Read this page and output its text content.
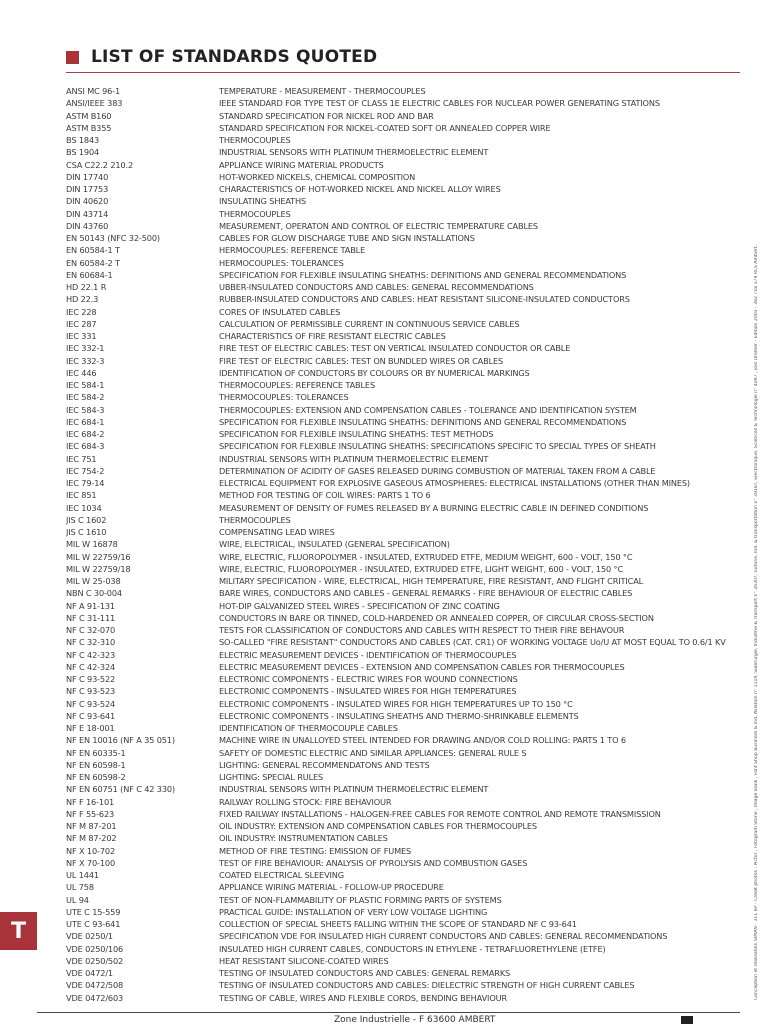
LIST OF STANDARDS QUOTED
ANSI MC 96-1	TEMPERATURE - MEASUREMENT - THERMOCOUPLES
ANSI/IEEE 383	IEEE STANDARD FOR TYPE TEST OF CLASS 1E ELECTRIC CABLES FOR NUCLEAR POWER GENERATING STATIONS
ASTM B160	STANDARD SPECIFICATION FOR NICKEL ROD AND BAR
ASTM B355	STANDARD SPECIFICATION FOR NICKEL-COATED SOFT OR ANNEALED COPPER WIRE
BS 1843	THERMOCOUPLES
BS 1904	INDUSTRIAL SENSORS WITH PLATINUM THERMOELECTRIC ELEMENT
CSA C22.2 210.2	APPLIANCE WIRING MATERIAL PRODUCTS
DIN 17740	HOT-WORKED NICKELS, CHEMICAL COMPOSITION
DIN 17753	CHARACTERISTICS OF HOT-WORKED NICKEL AND NICKEL ALLOY WIRES
DIN 40620	INSULATING SHEATHS
DIN 43714	THERMOCOUPLES
DIN 43760	MEASUREMENT, OPERATON AND CONTROL OF ELECTRIC TEMPERATURE CABLES
EN 50143 (NFC 32-500)	CABLES FOR GLOW DISCHARGE TUBE AND SIGN INSTALLATIONS
EN 60584-1 T	HERMOCOUPLES: REFERENCE TABLE
EN 60584-2 T	HERMOCOUPLES: TOLERANCES
EN 60684-1	SPECIFICATION FOR FLEXIBLE INSULATING SHEATHS: DEFINITIONS AND GENERAL RECOMMENDATIONS
HD 22.1 R	UBBER-INSULATED CONDUCTORS AND CABLES: GENERAL RECOMMENDATIONS
HD 22.3	RUBBER-INSULATED CONDUCTORS AND CABLES: HEAT RESISTANT SILICONE-INSULATED CONDUCTORS
IEC 228	CORES OF INSULATED CABLES
IEC 287	CALCULATION OF PERMISSIBLE CURRENT IN CONTINUOUS SERVICE CABLES
IEC 331	CHARACTERISTICS OF FIRE RESISTANT ELECTRIC CABLES
IEC 332-1	FIRE TEST OF ELECTRIC CABLES: TEST ON VERTICAL INSULATED CONDUCTOR OR CABLE
IEC 332-3	FIRE TEST OF ELECTRIC CABLES: TEST ON BUNDLED WIRES OR CABLES
IEC 446	IDENTIFICATION OF CONDUCTORS BY COLOURS OR BY NUMERICAL MARKINGS
IEC 584-1	THERMOCOUPLES: REFERENCE TABLES
IEC 584-2	THERMOCOUPLES: TOLERANCES
IEC 584-3	THERMOCOUPLES: EXTENSION AND COMPENSATION CABLES - TOLERANCE AND IDENTIFICATION SYSTEM
IEC 684-1	SPECIFICATION FOR FLEXIBLE INSULATING SHEATHS: DEFINITIONS AND GENERAL RECOMMENDATIONS
IEC 684-2	SPECIFICATION FOR FLEXIBLE INSULATING SHEATHS: TEST METHODS
IEC 684-3	SPECIFICATION FOR FLEXIBLE INSULATING SHEATHS: SPECIFICATIONS SPECIFIC TO SPECIAL TYPES OF SHEATH
IEC 751	INDUSTRIAL SENSORS WITH PLATINUM THERMOELECTRIC ELEMENT
IEC 754-2	DETERMINATION OF ACIDITY OF GASES RELEASED DURING COMBUSTION OF MATERIAL TAKEN FROM A CABLE
IEC 79-14	ELECTRICAL EQUIPMENT FOR EXPLOSIVE GASEOUS ATMOSPHERES: ELECTRICAL INSTALLATIONS (OTHER THAN MINES)
IEC 851	METHOD FOR TESTING OF COIL WIRES: PARTS 1 TO 6
IEC 1034	MEASUREMENT OF DENSITY OF FUMES RELEASED BY A BURNING ELECTRIC CABLE IN DEFINED CONDITIONS
JIS C 1602	THERMOCOUPLES
JIS C 1610	COMPENSATING LEAD WIRES
MIL W 16878	WIRE, ELECTRICAL, INSULATED (GENERAL SPECIFICATION)
MIL W 22759/16	WIRE, ELECTRIC, FLUOROPOLYMER - INSULATED, EXTRUDED ETFE, MEDIUM WEIGHT, 600 - VOLT, 150 °C
MIL W 22759/18	WIRE, ELECTRIC, FLUOROPOLYMER - INSULATED, EXTRUDED ETFE, LIGHT WEIGHT, 600 - VOLT, 150 °C
MIL W 25-038	MILITARY SPECIFICATION - WIRE, ELECTRICAL, HIGH TEMPERATURE, FIRE RESISTANT, AND FLIGHT CRITICAL
NBN C 30-004	BARE WIRES, CONDUCTORS AND CABLES - GENERAL REMARKS - FIRE BEHAVIOUR OF ELECTRIC CABLES
NF A 91-131	HOT-DIP GALVANIZED STEEL WIRES - SPECIFICATION OF ZINC COATING
NF C 31-111	CONDUCTORS IN BARE OR TINNED, COLD-HARDENED OR ANNEALED COPPER, OF CIRCULAR CROSS-SECTION
NF C 32-070	TESTS FOR CLASSIFICATION OF CONDUCTORS AND CABLES WITH RESPECT TO THEIR FIRE BEHAVOUR
NF C 32-310	SO-CALLED "FIRE RESISTANT" CONDUCTORS AND CABLES (CAT. CR1) OF WORKING VOLTAGE Uo/U AT MOST EQUAL TO 0.6/1 KV
NF C 42-323	ELECTRIC MEASUREMENT DEVICES - IDENTIFICATION OF THERMOCOUPLES
NF C 42-324	ELECTRIC MEASUREMENT DEVICES - EXTENSION AND COMPENSATION CABLES FOR THERMOCOUPLES
NF C 93-522	ELECTRONIC COMPONENTS - ELECTRIC WIRES FOR WOUND CONNECTIONS
NF C 93-523	ELECTRONIC COMPONENTS - INSULATED WIRES FOR HIGH TEMPERATURES
NF C 93-524	ELECTRONIC COMPONENTS - INSULATED WIRES FOR HIGH TEMPERATURES UP TO 150 °C
NF C 93-641	ELECTRONIC COMPONENTS - INSULATING SHEATHS AND THERMO-SHRINKABLE ELEMENTS
NF E 18-001	IDENTIFICATION OF THERMOCOUPLE CABLES
NF EN 10016 (NF A 35 051)	MACHINE WIRE IN UNALLOYED STEEL INTENDED FOR DRAWING AND/OR COLD ROLLING: PARTS 1 TO 6
NF EN 60335-1	SAFETY OF DOMESTIC ELECTRIC AND SIMILAR APPLIANCES: GENERAL RULE S
NF EN 60598-1	LIGHTING: GENERAL RECOMMENDATONS AND TESTS
NF EN 60598-2	LIGHTING: SPECIAL RULES
NF EN 60751 (NF C 42 330)	INDUSTRIAL SENSORS WITH PLATINUM THERMOELECTRIC ELEMENT
NF F 16-101	RAILWAY ROLLING STOCK: FIRE BEHAVIOUR
NF F 55-623	FIXED RAILWAY INSTALLATIONS - HALOGEN-FREE CABLES FOR REMOTE CONTROL AND REMOTE TRANSMISSION
NF M 87-201	OIL INDUSTRY: EXTENSION AND COMPENSATION CABLES FOR THERMOCOUPLES
NF M 87-202	OIL INDUSTRY: INSTRUMENTATION CABLES
NF X 10-702	METHOD OF FIRE TESTING: EMISSION OF FUMES
NF X 70-100	TEST OF FIRE BEHAVIOUR: ANALYSIS OF PYROLYSIS AND COMBUSTION GASES
UL 1441	COATED ELECTRICAL SLEEVING
UL 758	APPLIANCE WIRING MATERIAL - FOLLOW-UP PROCEDURE
UL 94	TEST OF NON-FLAMMABILITY OF PLASTIC FORMING PARTS OF SYSTEMS
UTE C 15-559	PRACTICAL GUIDE: INSTALLATION OF VERY LOW VOLTAGE LIGHTING
UTE C 93-641	COLLECTION OF SPECIAL SHEETS FALLING WITHIN THE SCOPE OF STANDARD NF C 93-641
VDE 0250/1	SPECIFICATION VDE FOR INSULATED HIGH CURRENT CONDUCTORS AND CABLES: GENERAL RECOMMENDATIONS
VDE 0250/106	INSULATED HIGH CURRENT CABLES, CONDUCTORS IN ETHYLENE - TETRAFLUORETHYLENE (ETFE)
VDE 0250/502	HEAT RESISTANT SILICONE-COATED WIRES
VDE 0472/1	TESTING OF INSULATED CONDUCTORS AND CABLES: GENERAL REMARKS
VDE 0472/508	TESTING OF INSULATED CONDUCTORS AND CABLES: DIELECTRIC STRENGTH OF HIGH CURRENT CABLES
VDE 0472/603	TESTING OF CABLE, WIRES AND FLEXIBLE CORDS, BENDING BEHAVIOUR	Conception et réalisation SIMAN - 311 BP - Crédit photos : Pictor , Fotogram Stone , Image Bank , Font Shop Business & Ind. Aviation n° 1119, Sidérurgie, Industrie & Transport n° 2630?, Turbine, Ind. & transportation n° 3918?, Electronique, Sciences & Technologie n° 4097 , Joël Dremer - Edition 2003 - 382 718 179 RCS Ambert.
T
Zone Industrielle - F 63600 AMBERT
